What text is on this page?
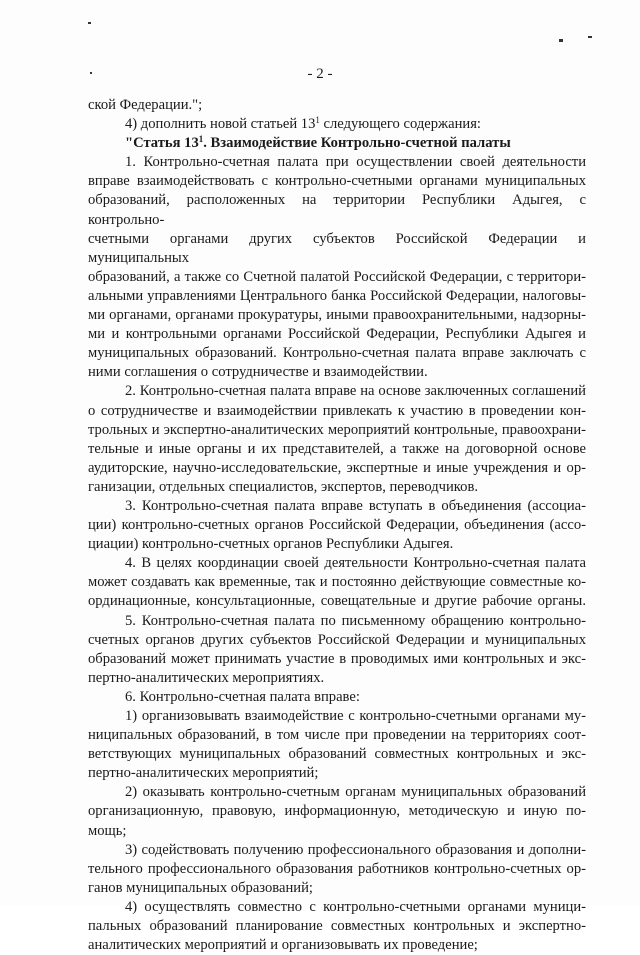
- 2 -
ской Федерации.";
4) дополнить новой статьей $13^1$ следующего содержания:
"Статья $13^1$. Взаимодействие Контрольно-счетной палаты
1. Контрольно-счетная палата при осуществлении своей деятельности
вправе взаимодействовать с контрольно-счетными органами муниципальных
образований, расположенных на территории Республики Адыгея, с контрольно-
счетными органами других субъектов Российской Федерации и муниципальных
образований, а также со Счетной палатой Российской Федерации, с территори-
альными управлениями Центрального банка Российской Федерации, налоговы-
ми органами, органами прокуратуры, иными правоохранительными, надзорны-
ми и контрольными органами Российской Федерации, Республики Адыгея и
муниципальных образований. Контрольно-счетная палата вправе заключать с
ними соглашения о сотрудничестве и взаимодействии.
2. Контрольно-счетная палата вправе на основе заключенных соглашений
о сотрудничестве и взаимодействии привлекать к участию в проведении кон-
трольных и экспертно-аналитических мероприятий контрольные, правоохрани-
тельные и иные органы и их представителей, а также на договорной основе
аудиторские, научно-исследовательские, экспертные и иные учреждения и ор-
ганизации, отдельных специалистов, экспертов, переводчиков.
3. Контрольно-счетная палата вправе вступать в объединения (ассоциа-
ции) контрольно-счетных органов Российской Федерации, объединения (ассо-
циации) контрольно-счетных органов Республики Адыгея.
4. В целях координации своей деятельности Контрольно-счетная палата
может создавать как временные, так и постоянно действующие совместные ко-
ординационные, консультационные, совещательные и другие рабочие органы.
5. Контрольно-счетная палата по письменному обращению контрольно-
счетных органов других субъектов Российской Федерации и муниципальных
образований может принимать участие в проводимых ими контрольных и экс-
пертно-аналитических мероприятиях.
6. Контрольно-счетная палата вправе:
1) организовывать взаимодействие с контрольно-счетными органами му-
ниципальных образований, в том числе при проведении на территориях соот-
ветствующих муниципальных образований совместных контрольных и экс-
пертно-аналитических мероприятий;
2) оказывать контрольно-счетным органам муниципальных образований
организационную, правовую, информационную, методическую и иную по-
мощь;
3) содействовать получению профессионального образования и дополни-
тельного профессионального образования работников контрольно-счетных ор-
ганов муниципальных образований;
4) осуществлять совместно с контрольно-счетными органами муници-
пальных образований планирование совместных контрольных и экспертно-
аналитических мероприятий и организовывать их проведение;
